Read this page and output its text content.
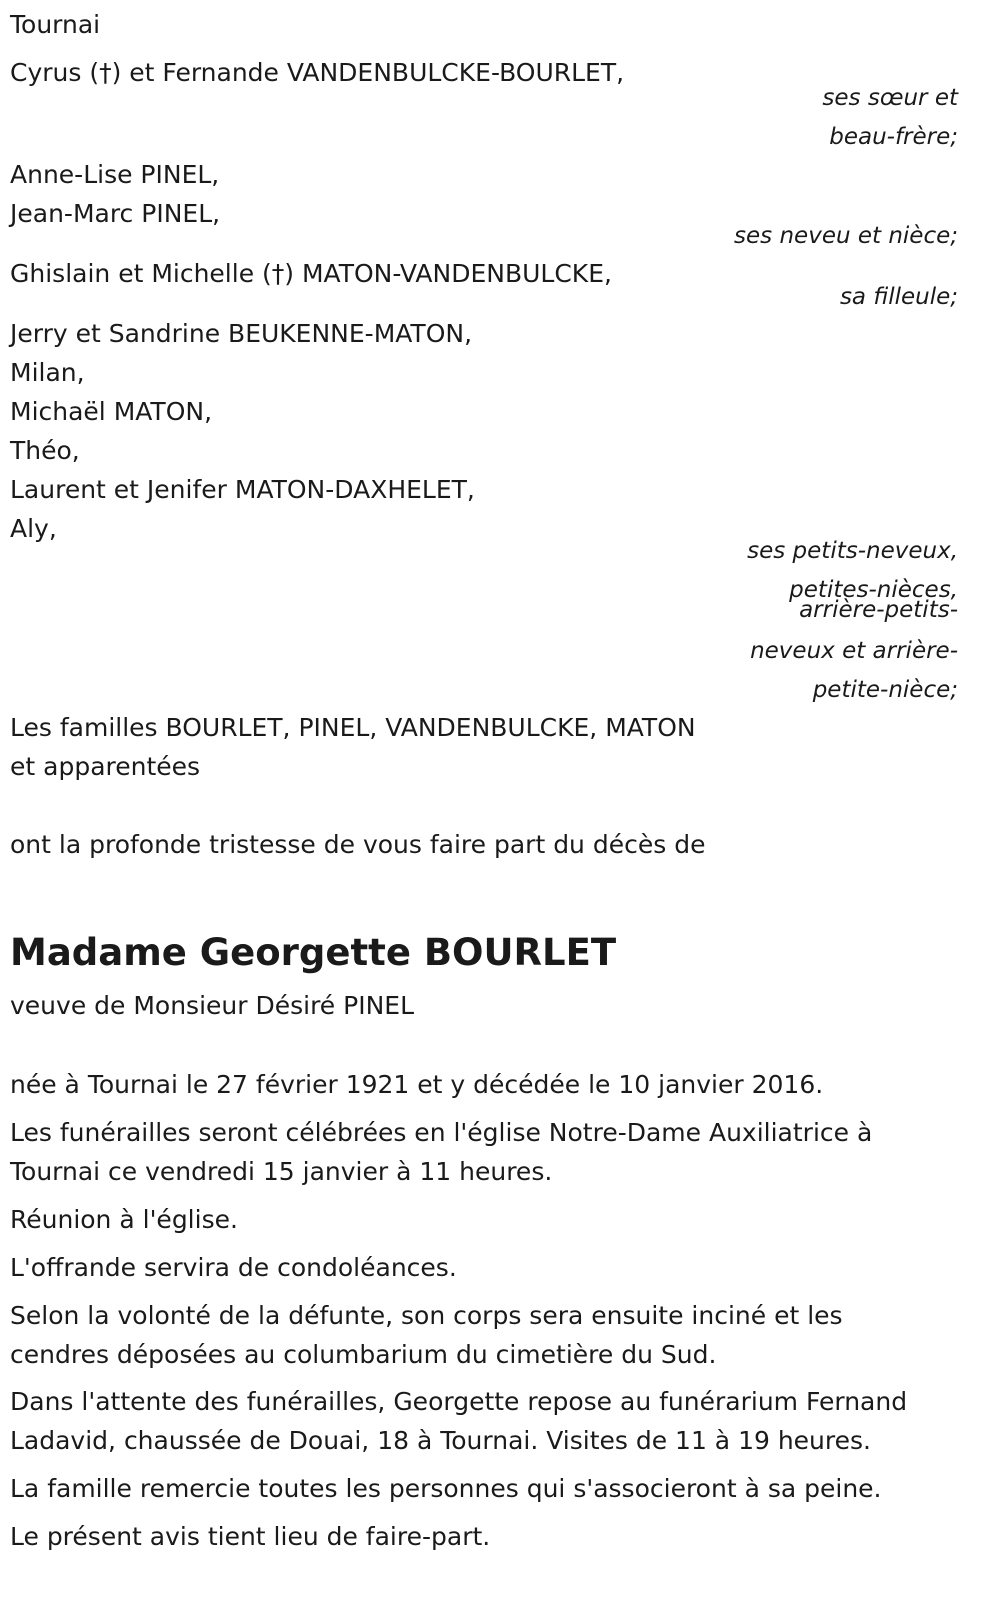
Tournai
Cyrus (†) et Fernande VANDENBULCKE-BOURLET,
ses sœur et
beau-frère;
Anne-Lise PINEL,
Jean-Marc PINEL,
ses neveu et nièce;
Ghislain et Michelle (†) MATON-VANDENBULCKE,
sa filleule;
Jerry et Sandrine BEUKENNE-MATON,
Milan,
Michaël MATON,
Théo,
Laurent et Jenifer MATON-DAXHELET,
Aly,
ses petits-neveux,
petites-nièces,
arrière-petits-
neveux et arrière-
petite-nièce;
Les familles BOURLET, PINEL, VANDENBULCKE, MATON
et apparentées
ont la profonde tristesse de vous faire part du décès de
Madame Georgette BOURLET
veuve de Monsieur Désiré PINEL
née à Tournai le 27 février 1921 et y décédée le 10 janvier 2016.
Les funérailles seront célébrées en l'église Notre-Dame Auxiliatrice à
Tournai ce vendredi 15 janvier à 11 heures.
Réunion à l'église.
L'offrande servira de condoléances.
Selon la volonté de la défunte, son corps sera ensuite inciné et les
cendres déposées au columbarium du cimetière du Sud.
Dans l'attente des funérailles, Georgette repose au funérarium Fernand
Ladavid, chaussée de Douai, 18 à Tournai. Visites de 11 à 19 heures.
La famille remercie toutes les personnes qui s'associeront à sa peine.
Le présent avis tient lieu de faire-part.
